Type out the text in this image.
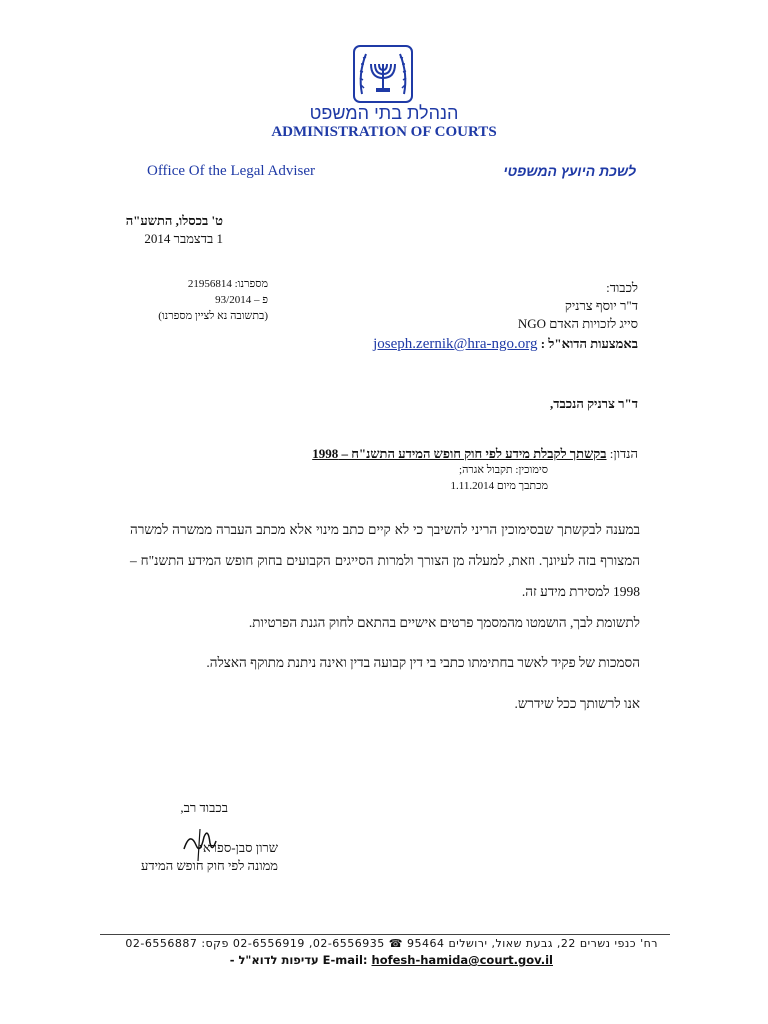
הנהלת בתי המשפט
ADMINISTRATION OF COURTS
Office Of the Legal Adviser	לשכת היועץ המשפטי
ט' בכסלו, התשע"ה
1 בדצמבר 2014
מספרנו: 21956814
פ – 93/2014
(בתשובה נא לציין מספרנו)
לכבוד:
ד"ר יוסף צרניק
סייג לזכויות האדם NGO
באמצעות הדוא"ל : joseph.zernik@hra-ngo.org
ד"ר צרניק הנכבד,
הנדון: בקשתך לקבלת מידע לפי חוק חופש המידע התשנ"ח – 1998
סימוכין: תקבול אגרה;
מכתבך מיום 1.11.2014
במענה לבקשתך שבסימוכין הריני להשיבך כי לא קיים כתב מינוי אלא מכתב העברה ממשרה למשרה המצורף בזה לעיונך. וזאת, למעלה מן הצורך ולמרות הסייגים הקבועים בחוק חופש המידע התשנ"ח – 1998 למסירת מידע זה.
לתשומת לבך, הושמטו מהמסמך פרטים אישיים בהתאם לחוק הגנת הפרטיות.
הסמכות של פקיד לאשר בחתימתו כתבי בי דין קבועה בדין ואינה ניתנת מתוקף האצלה.
אנו לרשותך ככל שידרש.
בכבוד רב,
שרון סבן-ספראי
ממונה לפי חוק חופש המידע
רח' כנפי נשרים 22, גבעת שאול, ירושלים 95464 ☎ 02-6556935, 02-6556919 פקס: 02-6556887
עדיפות לדוא"ל - E-mail: hofesh-hamida@court.gov.il
